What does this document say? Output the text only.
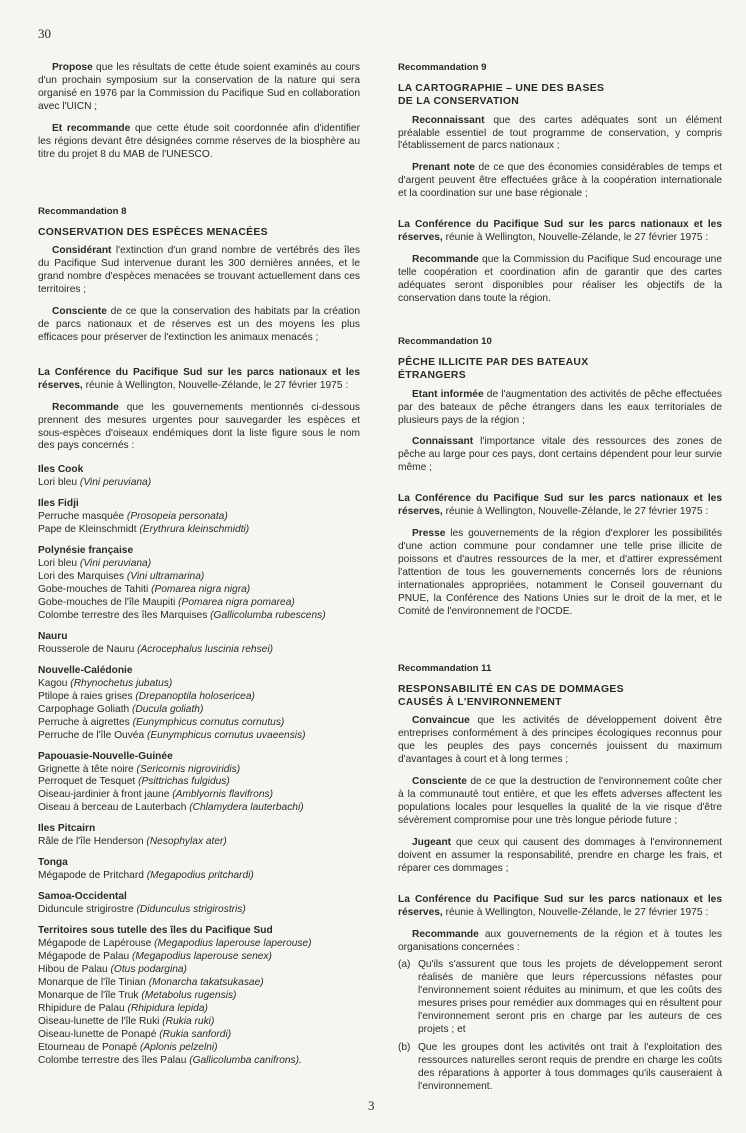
30

Propose que les résultats de cette étude soient examinés au cours d'un prochain symposium sur la conservation de la nature qui sera organisé en 1976 par la Commission du Pacifique Sud en collaboration avec l'UICN ;

Et recommande que cette étude soit coordonnée afin d'identifier les régions devant être désignées comme réserves de la biosphère au titre du projet 8 du MAB de l'UNESCO.

Recommandation 8
CONSERVATION DES ESPÈCES MENACÉES

Considérant l'extinction d'un grand nombre de vertébrés des îles du Pacifique Sud intervenue durant les 300 dernières années, et le grand nombre d'espèces menacées se trouvant actuellement dans ces territoires ;

Consciente de ce que la conservation des habitats par la création de parcs nationaux et de réserves est un des moyens les plus efficaces pour préserver de l'extinction les animaux menacés ;

La Conférence du Pacifique Sud sur les parcs nationaux et les réserves, réunie à Wellington, Nouvelle-Zélande, le 27 février 1975 :

Recommande que les gouvernements mentionnés ci-dessous prennent des mesures urgentes pour sauvegarder les espèces et sous-espèces d'oiseaux endémiques dont la liste figure sous le nom des pays concernés :

Iles Cook
Lori bleu (Vini peruviana)
Iles Fidji
Perruche masquée (Prosopeia personata)
Pape de Kleinschmidt (Erythrura kleinschmidti)
Polynésie française
Lori bleu (Vini peruviana)
Lori des Marquises (Vini ultramarina)
Gobe-mouches de Tahiti (Pomarea nigra nigra)
Gobe-mouches de l'île Maupiti (Pomarea nigra pomarea)
Colombe terrestre des îles Marquises (Gallicolumba rubescens)
Nauru
Rousserole de Nauru (Acrocephalus luscinia rehsei)
Nouvelle-Calédonie
Kagou (Rhynochetus jubatus)
Ptilope à raies grises (Drepanoptila holosericea)
Carpophage Goliath (Ducula goliath)
Perruche à aigrettes (Eunymphicus cornutus cornutus)
Perruche de l'île Ouvéa (Eunymphicus cornutus uvaeensis)
Papouasie-Nouvelle-Guinée
Grignette à tête noire (Sericornis nigroviridis)
Perroquet de Tesquet (Psittrichas fulgidus)
Oiseau-jardinier à front jaune (Amblyornis flavifrons)
Oiseau à berceau de Lauterbach (Chlamydera lauterbachi)
Iles Pitcairn
Râle de l'île Henderson (Nesophylax ater)
Tonga
Mégapode de Pritchard (Megapodius pritchardi)
Samoa-Occidental
Diduncule strigirostre (Didunculus strigirostris)
Territoires sous tutelle des îles du Pacifique Sud
Mégapode de Lapérouse (Megapodius laperouse laperouse)
Mégapode de Palau (Megapodius laperouse senex)
Hibou de Palau (Otus podargina)
Monarque de l'île Tinian (Monarcha takatsukasae)
Monarque de l'île Truk (Metabolus rugensis)
Rhipidure de Palau (Rhipidura lepida)
Oiseau-lunette de l'île Ruki (Rukia ruki)
Oiseau-lunette de Ponapé (Rukia sanfordi)
Etourneau de Ponapé (Aplonis pelzelni)
Colombe terrestre des îles Palau (Gallicolumba canifrons).
Recommandation 9
LA CARTOGRAPHIE – UNE DES BASES
DE LA CONSERVATION

Reconnaissant que des cartes adéquates sont un élément préalable essentiel de tout programme de conservation, y compris l'établissement de parcs nationaux ;

Prenant note de ce que des économies considérables de temps et d'argent peuvent être effectuées grâce à la coopération internationale et la coordination sur une base régionale ;

La Conférence du Pacifique Sud sur les parcs nationaux et les réserves, réunie à Wellington, Nouvelle-Zélande, le 27 février 1975 :

Recommande que la Commission du Pacifique Sud encourage une telle coopération et coordination afin de garantir que des cartes adéquates seront disponibles pour réaliser les objectifs de la conservation dans toute la région.

Recommandation 10
PÊCHE ILLICITE PAR DES BATEAUX
ÉTRANGERS

Etant informée de l'augmentation des activités de pêche effectuées par des bateaux de pêche étrangers dans les eaux territoriales de plusieurs pays de la région ;

Connaissant l'importance vitale des ressources des zones de pêche au large pour ces pays, dont certains dépendent pour leur survie même ;

La Conférence du Pacifique Sud sur les parcs nationaux et les réserves, réunie à Wellington, Nouvelle-Zélande, le 27 février 1975 :

Presse les gouvernements de la région d'explorer les possibilités d'une action commune pour condamner une telle prise illicite de poissons et d'autres ressources de la mer, et d'attirer expressément l'attention de tous les gouvernements concernés lors de réunions internationales appropriées, notamment le Conseil gouvernant du PNUE, la Conférence des Nations Unies sur le droit de la mer, et le Comité de l'environnement de l'OCDE.

Recommandation 11
RESPONSABILITÉ EN CAS DE DOMMAGES
CAUSÉS À L'ENVIRONNEMENT

Convaincue que les activités de développement doivent être entreprises conformément à des principes écologiques reconnus pour que les peuples des pays concernés jouissent du maximum d'avantages à court et à long termes ;

Consciente de ce que la destruction de l'environnement coûte cher à la communauté tout entière, et que les effets adverses affectent les populations locales pour lesquelles la qualité de la vie risque d'être sévèrement compromise pour une très longue période future ;

Jugeant que ceux qui causent des dommages à l'environnement doivent en assumer la responsabilité, prendre en charge les frais, et réparer ces dommages ;

La Conférence du Pacifique Sud sur les parcs nationaux et les réserves, réunie à Wellington, Nouvelle-Zélande, le 27 février 1975 :

Recommande aux gouvernements de la région et à toutes les organisations concernées :

(a) Qu'ils s'assurent que tous les projets de développement seront réalisés de manière que leurs répercussions néfastes pour l'environnement soient réduites au minimum, et que les coûts des mesures prises pour remédier aux dommages qui en résultent pour l'environnement seront pris en charge par les auteurs de ces projets ; et
(b) Que les groupes dont les activités ont trait à l'exploitation des ressources naturelles seront requis de prendre en charge les coûts des réparations à apporter à tous dommages qu'ils causeraient à l'environnement.
3
